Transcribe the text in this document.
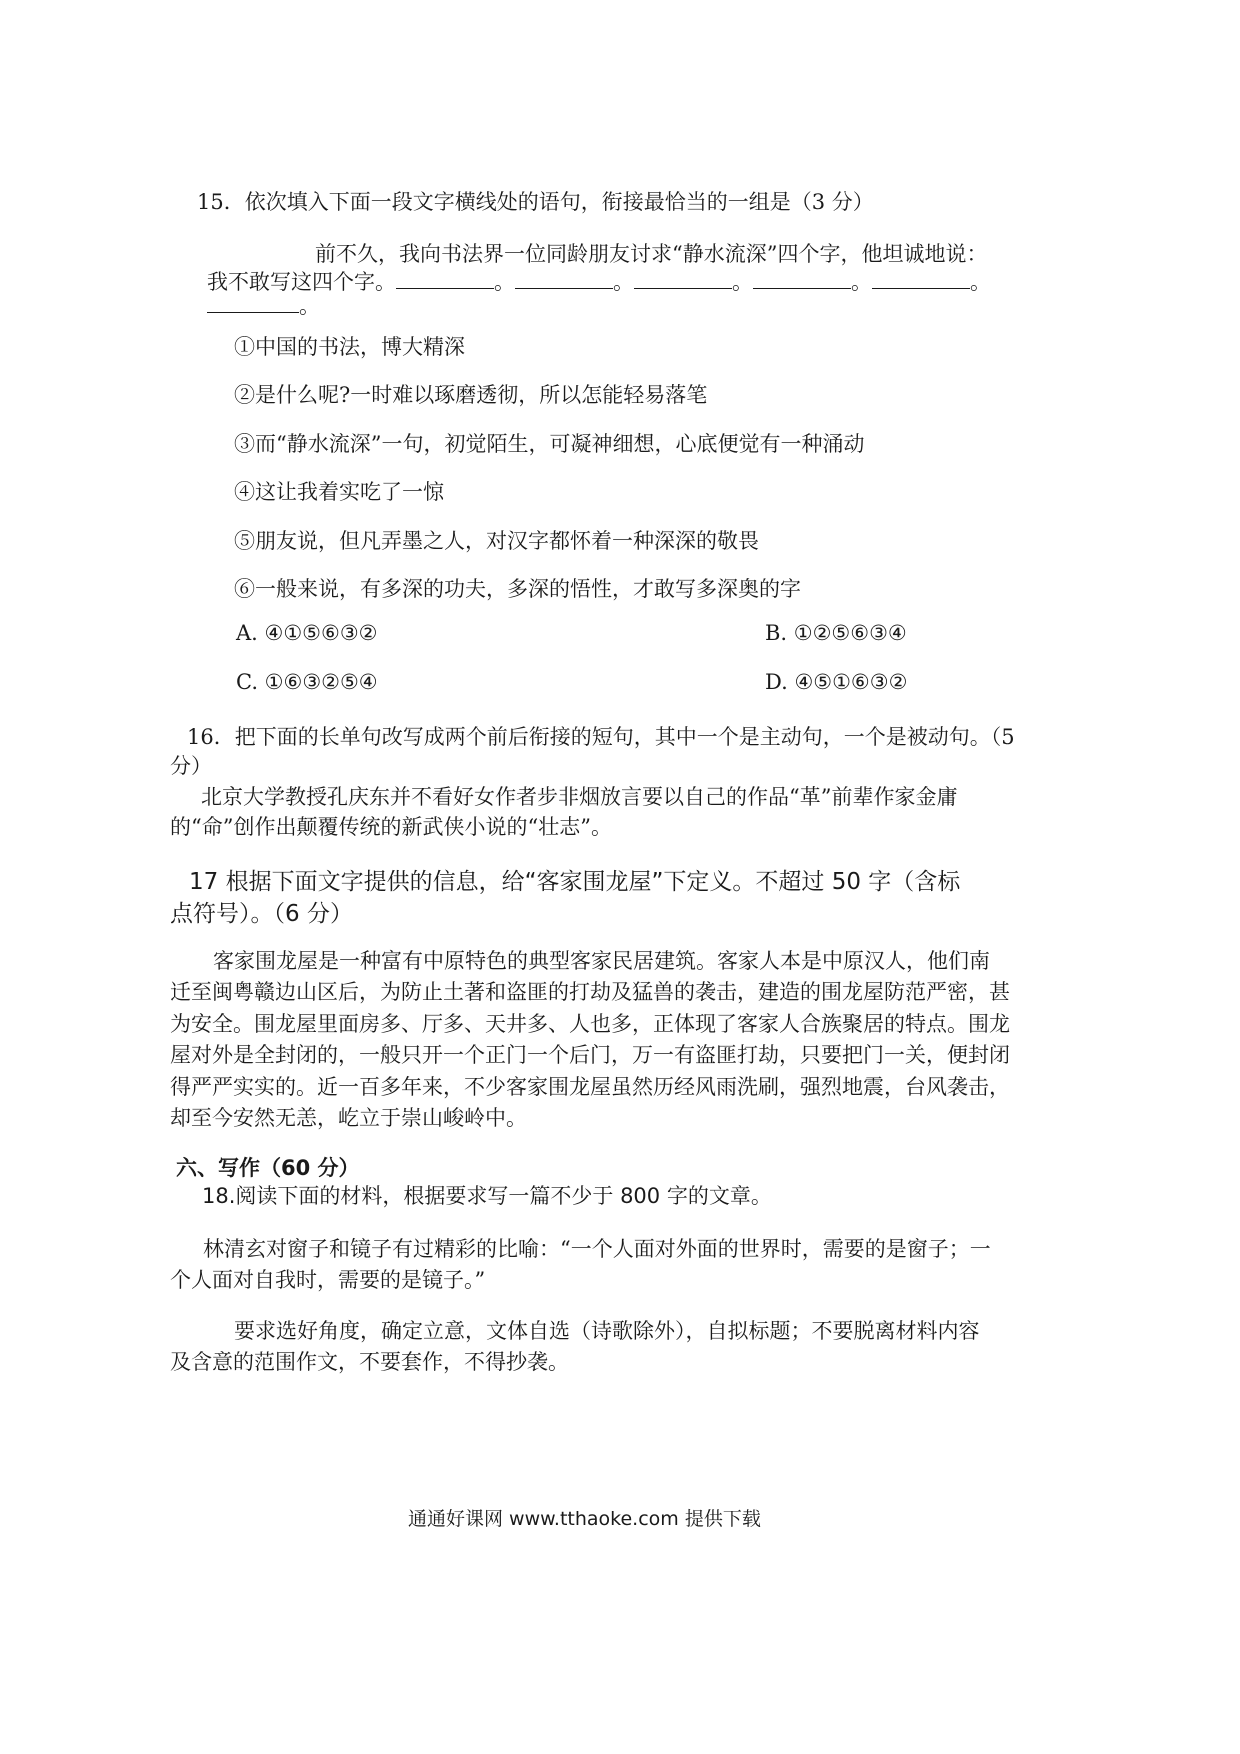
15．依次填入下面一段文字横线处的语句，衔接最恰当的一组是（3 分）

前不久，我向书法界一位同龄朋友讨求“静水流深”四个字，他坦诚地说：

我不敢写这四个字。	。	。	。	。	。
。

①中国的书法，博大精深

②是什么呢?一时难以琢磨透彻，所以怎能轻易落笔

③而“静水流深”一句，初觉陌生，可凝神细想，心底便觉有一种涌动

④这让我着实吃了一惊

⑤朋友说，但凡弄墨之人，对汉字都怀着一种深深的敬畏

⑥一般来说，有多深的功夫，多深的悟性，才敢写多深奥的字

A. ④①⑤⑥③②	B. ①②⑤⑥③④

C. ①⑥③②⑤④	D. ④⑤①⑥③②

16．把下面的长单句改写成两个前后衔接的短句，其中一个是主动句，一个是被动句。（5

分）

北京大学教授孔庆东并不看好女作者步非烟放言要以自己的作品“革”前辈作家金庸

的“命”创作出颠覆传统的新武侠小说的“壮志”。

17 根据下面文字提供的信息，给“客家围龙屋”下定义。不超过 50 字（含标

点符号）。（6 分）

客家围龙屋是一种富有中原特色的典型客家民居建筑。客家人本是中原汉人，他们南

迁至闽粤赣边山区后，为防止土著和盗匪的打劫及猛兽的袭击，建造的围龙屋防范严密，甚

为安全。围龙屋里面房多、厅多、天井多、人也多，正体现了客家人合族聚居的特点。围龙

屋对外是全封闭的，一般只开一个正门一个后门，万一有盗匪打劫，只要把门一关，便封闭

得严严实实的。近一百多年来，不少客家围龙屋虽然历经风雨洗刷，强烈地震，台风袭击，

却至今安然无恙，屹立于崇山峻岭中。

六、写作（60 分）

18.阅读下面的材料，根据要求写一篇不少于 800 字的文章。

林清玄对窗子和镜子有过精彩的比喻：“一个人面对外面的世界时，需要的是窗子；一

个人面对自我时，需要的是镜子。”

要求选好角度，确定立意，文体自选（诗歌除外），自拟标题；不要脱离材料内容

及含意的范围作文，不要套作，不得抄袭。

通通好课网 www.tthaoke.com 提供下载
